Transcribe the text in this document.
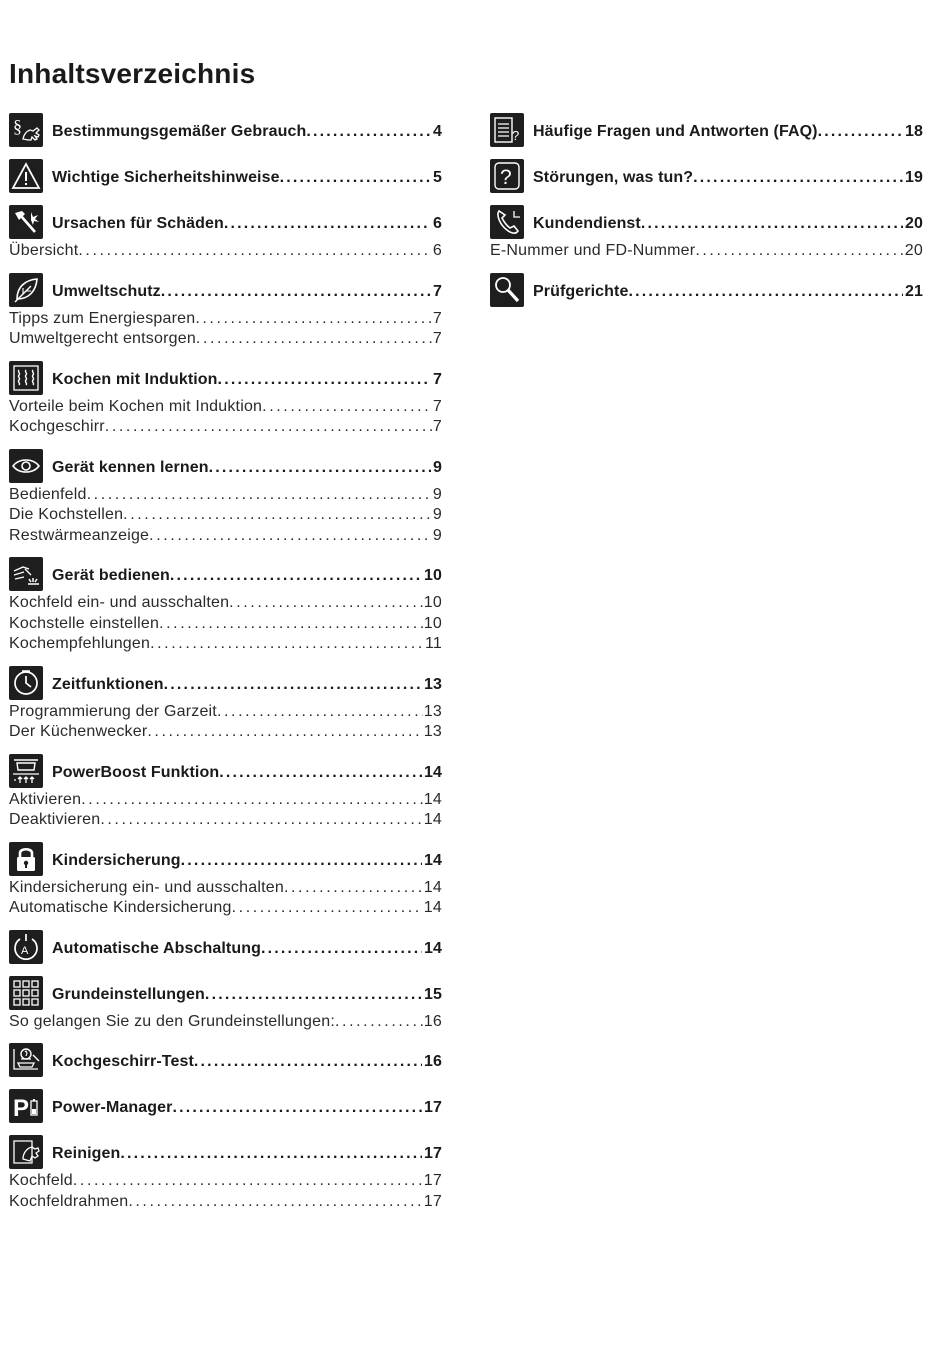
Inhaltsverzeichnis
§ Bestimmungsgemäßer Gebrauch .....	4
Wichtige Sicherheitshinweise .....	5
Ursachen für Schäden .....	6
Übersicht .....	6
Umweltschutz .....	7
Tipps zum Energiesparen .....	7
Umweltgerecht entsorgen .....	7
Kochen mit Induktion .....	7
Vorteile beim Kochen mit Induktion .....	7
Kochgeschirr .....	7
Gerät kennen lernen .....	9
Bedienfeld .....	9
Die Kochstellen .....	9
Restwärmeanzeige .....	9
Gerät bedienen .....	10
Kochfeld ein- und ausschalten .....	10
Kochstelle einstellen .....	10
Kochempfehlungen .....	11
Zeitfunktionen .....	13
Programmierung der Garzeit .....	13
Der Küchenwecker .....	13
PowerBoost Funktion .....	14
Aktivieren .....	14
Deaktivieren .....	14
Kindersicherung .....	14
Kindersicherung ein- und ausschalten .....	14
Automatische Kindersicherung .....	14
A Automatische Abschaltung .....	14
Grundeinstellungen .....	15
So gelangen Sie zu den Grundeinstellungen: .....	16
Kochgeschirr-Test .....	16
P Power-Manager .....	17
Reinigen .....	17
Kochfeld .....	17
Kochfeldrahmen .....	17
? Häufige Fragen und Antworten (FAQ) .....	18
? Störungen, was tun? .....	19
Kundendienst .....	20
E-Nummer und FD-Nummer .....	20
Prüfgerichte .....	21
